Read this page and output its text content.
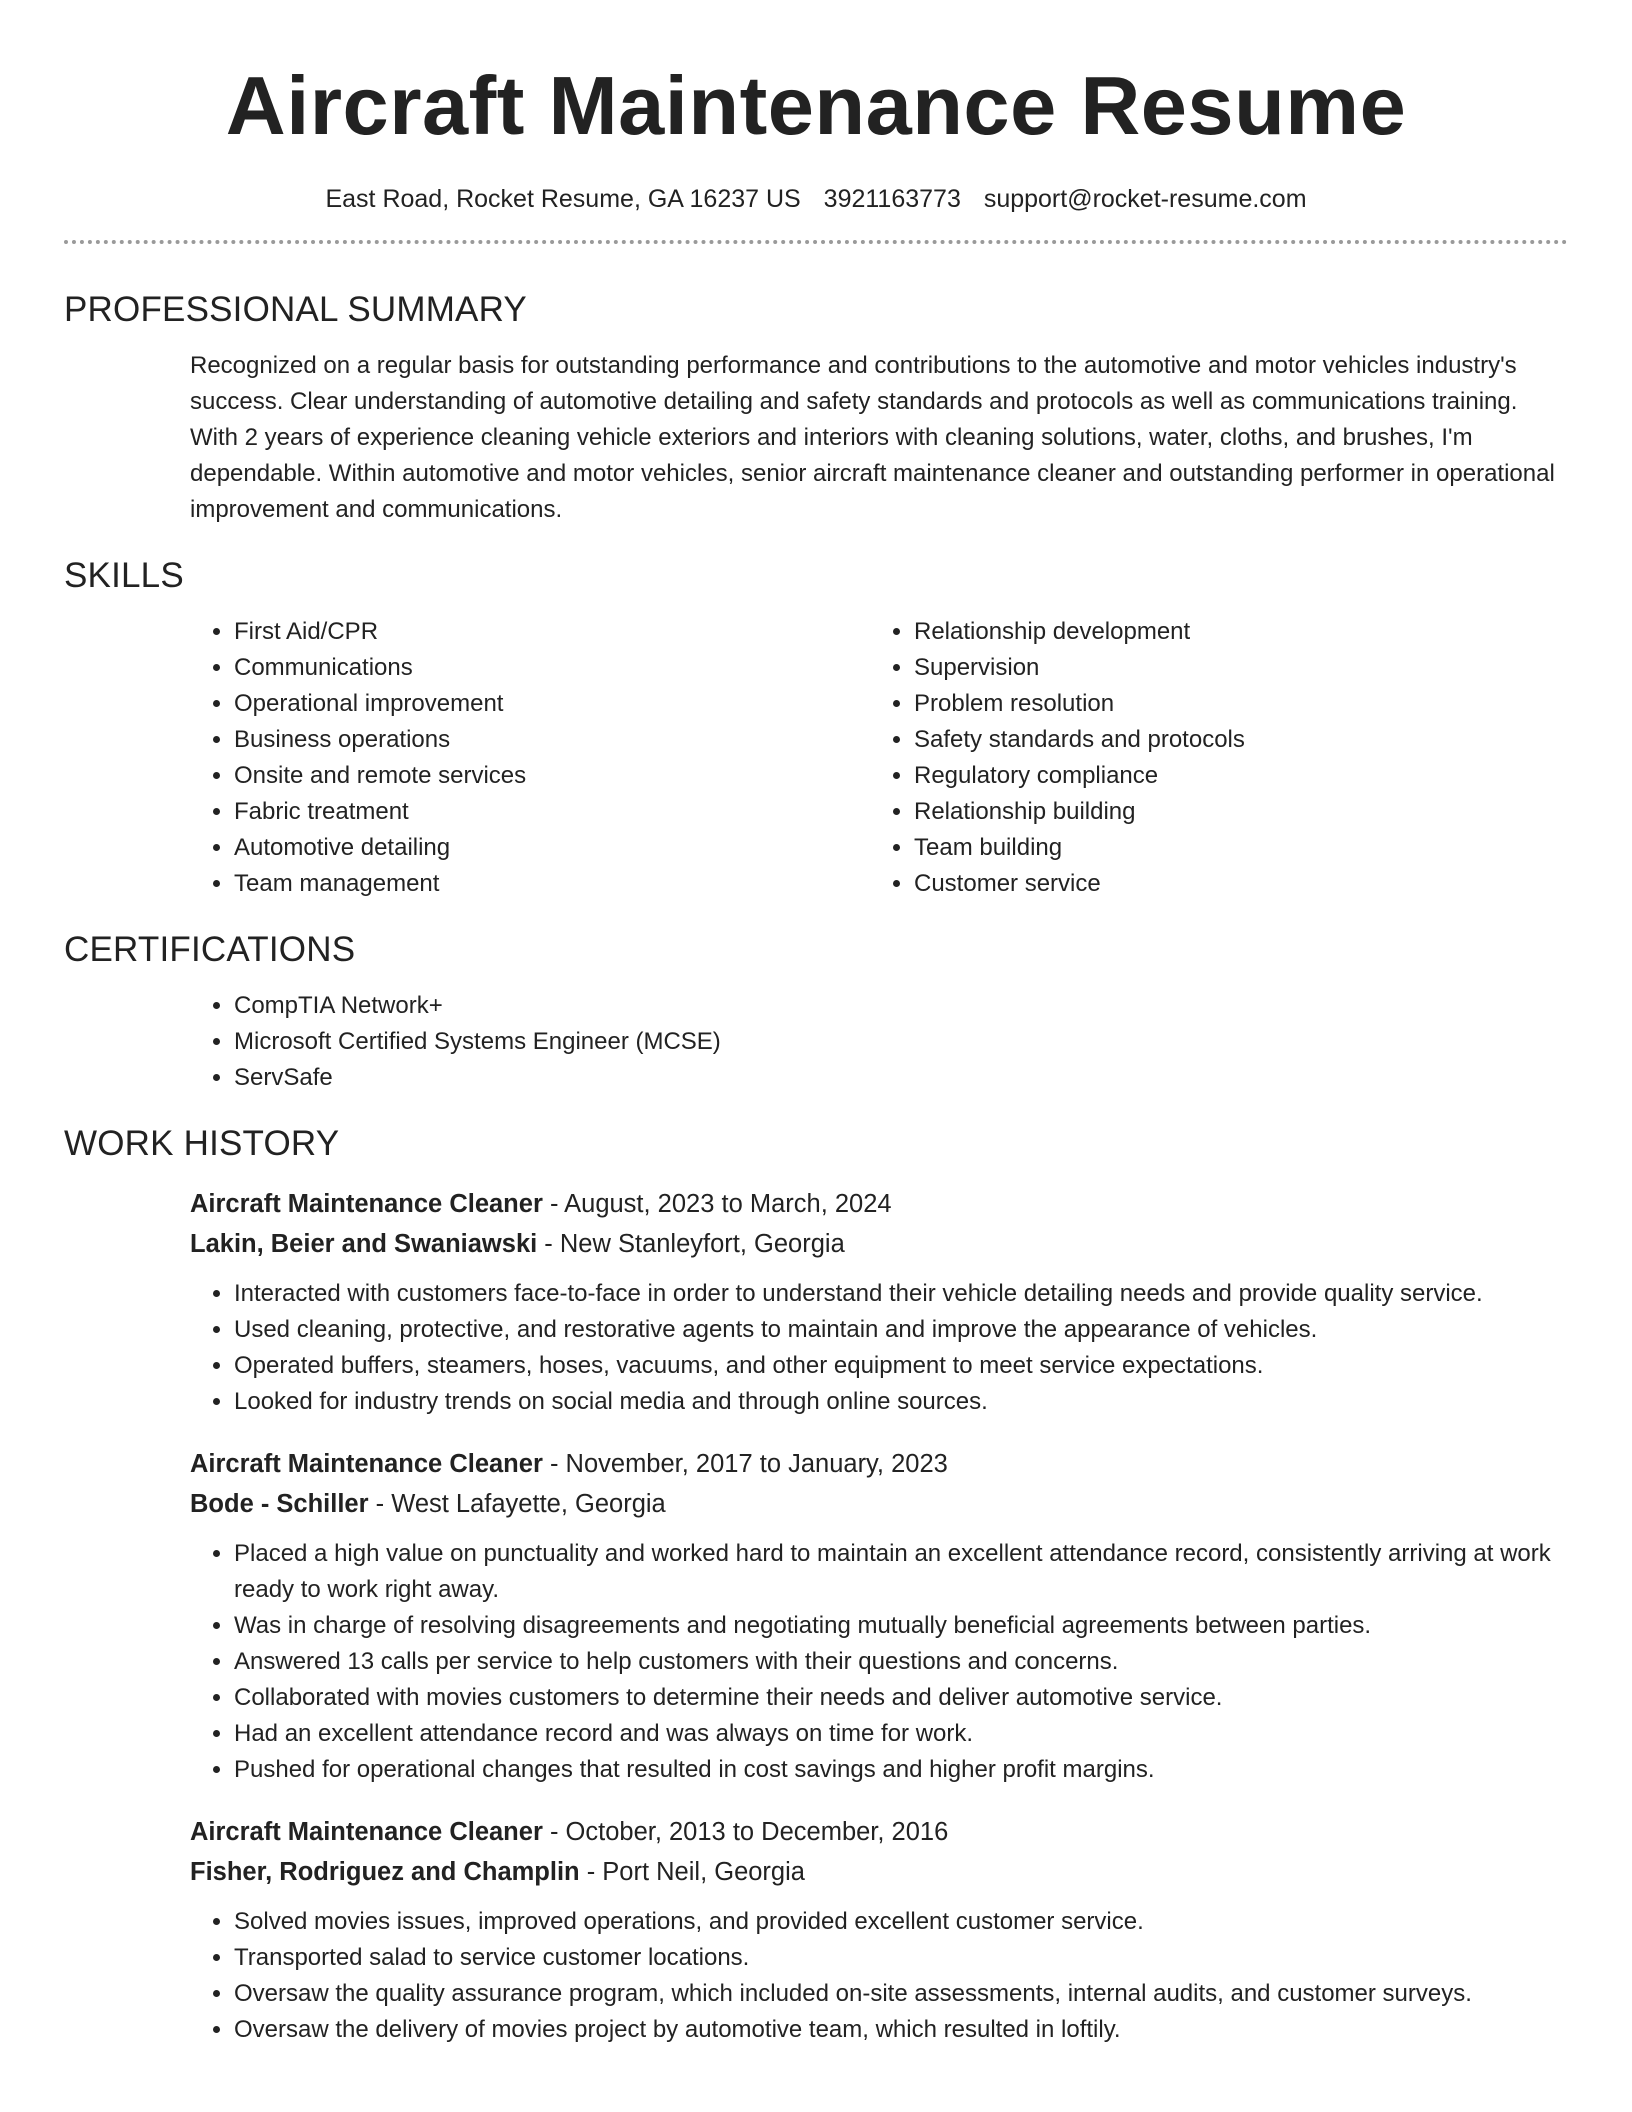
Aircraft Maintenance Resume
East Road, Rocket Resume, GA 16237 US 3921163773 support@rocket-resume.com
PROFESSIONAL SUMMARY

Recognized on a regular basis for outstanding performance and contributions to the automotive and motor vehicles industry's success. Clear understanding of automotive detailing and safety standards and protocols as well as communications training. With 2 years of experience cleaning vehicle exteriors and interiors with cleaning solutions, water, cloths, and brushes, I'm dependable. Within automotive and motor vehicles, senior aircraft maintenance cleaner and outstanding performer in operational improvement and communications.

SKILLS
• First Aid/CPR
• Communications
• Operational improvement
• Business operations
• Onsite and remote services
• Fabric treatment
• Automotive detailing
• Team management
• Relationship development
• Supervision
• Problem resolution
• Safety standards and protocols
• Regulatory compliance
• Relationship building
• Team building
• Customer service
CERTIFICATIONS
• CompTIA Network+
• Microsoft Certified Systems Engineer (MCSE)
• ServSafe
WORK HISTORY
Aircraft Maintenance Cleaner - August, 2023 to March, 2024
Lakin, Beier and Swaniawski - New Stanleyfort, Georgia
• Interacted with customers face-to-face in order to understand their vehicle detailing needs and provide quality service.
• Used cleaning, protective, and restorative agents to maintain and improve the appearance of vehicles.
• Operated buffers, steamers, hoses, vacuums, and other equipment to meet service expectations.
• Looked for industry trends on social media and through online sources.
Aircraft Maintenance Cleaner - November, 2017 to January, 2023
Bode - Schiller - West Lafayette, Georgia
• Placed a high value on punctuality and worked hard to maintain an excellent attendance record, consistently arriving at work ready to work right away.
• Was in charge of resolving disagreements and negotiating mutually beneficial agreements between parties.
• Answered 13 calls per service to help customers with their questions and concerns.
• Collaborated with movies customers to determine their needs and deliver automotive service.
• Had an excellent attendance record and was always on time for work.
• Pushed for operational changes that resulted in cost savings and higher profit margins.
Aircraft Maintenance Cleaner - October, 2013 to December, 2016
Fisher, Rodriguez and Champlin - Port Neil, Georgia
• Solved movies issues, improved operations, and provided excellent customer service.
• Transported salad to service customer locations.
• Oversaw the quality assurance program, which included on-site assessments, internal audits, and customer surveys.
• Oversaw the delivery of movies project by automotive team, which resulted in loftily.
